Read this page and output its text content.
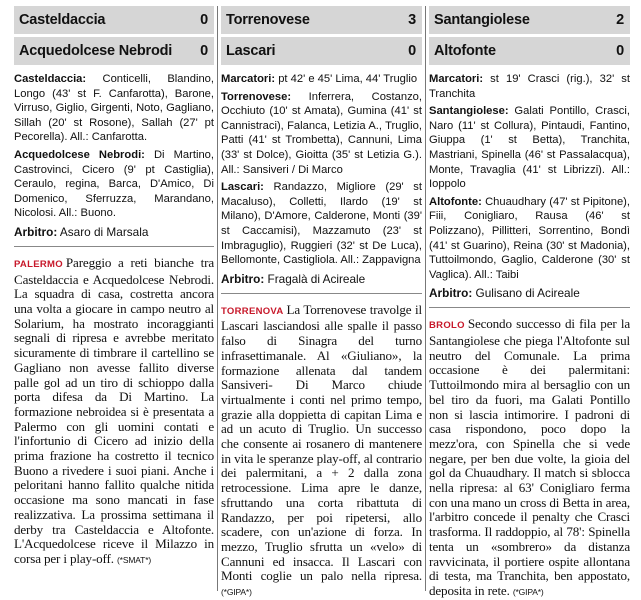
Casteldaccia	0
Acquedolcese Nebrodi 0

Casteldaccia: Conticelli, Blandino, Longo (43' st F. Canfarotta), Barone, Virruso, Giglio, Girgenti, Noto, Gagliano, Sillah (20' st Rosone), Sallah (27' pt Pecorella). All.: Canfarotta.

Acquedolcese Nebrodi: Di Martino, Castrovinci, Cicero (9' pt Castiglia), Ceraulo, regina, Barca, D'Amico, Di Domenico, Sferruzza, Marandano, Nicolosi. All.: Buono.

Arbitro: Asaro di Marsala

PALERMO Pareggio a reti bianche tra Casteldaccia e Acquedolcese Nebrodi. La squadra di casa, costretta ancora una volta a giocare in campo neutro al Solarium, ha mostrato incoraggianti segnali di ripresa e avrebbe meritato sicuramente di timbrare il cartellino se Gagliano non avesse fallito diverse palle gol ad un tiro di schioppo dalla porta difesa da Di Martino. La formazione nebroidea si è presentata a Palermo con gli uomini contati e l'infortunio di Cicero ad inizio della prima frazione ha costretto il tecnico Buono a rivedere i suoi piani. Anche i peloritani hanno fallito qualche nitida occasione ma sono mancati in fase realizzativa. La prossima settimana il derby tra Casteldaccia e Altofonte. L'Acquedolcese riceve il Milazzo in corsa per i play-off. (*SMAT*)
Torrenovese	3
Lascari	0

Marcatori: pt 42' e 45' Lima, 44' Truglio

Torrenovese: Inferrera, Costanzo, Occhiuto (10' st Amata), Gumina (41' st Cannistraci), Falanca, Letizia A., Truglio, Patti (41' st Trombetta), Cannuni, Lima (33' st Dolce), Gioitta (35' st Letizia G.). All.: Sansiveri / Di Marco

Lascari: Randazzo, Migliore (29' st Macaluso), Colletti, Ilardo (19' st Milano), D'Amore, Calderone, Monti (39' st Caccamisi), Mazzamuto (23' st Imbraguglio), Ruggieri (32' st De Luca), Bellomonte, Castigliola. All.: Zappavigna

Arbitro: Fragalà di Acireale

TORRENOVA La Torrenovese travolge il Lascari lasciandosi alle spalle il passo falso di Sinagra del turno infrasettimanale. Al «Giuliano», la formazione allenata dal tandem Sansiveri- Di Marco chiude virtualmente i conti nel primo tempo, grazie alla doppietta di capitan Lima e ad un acuto di Truglio. Un successo che consente ai rosanero di mantenere in vita le speranze play-off, al contrario dei palermitani, a + 2 dalla zona retrocessione. Lima apre le danze, sfruttando una corta ribattuta di Randazzo, per poi ripetersi, allo scadere, con un'azione di forza. In mezzo, Truglio sfrutta un «velo» di Cannuni ed insacca. Il Lascari con Monti coglie un palo nella ripresa. (*GIPA*)
Santangiolese	2
Altofonte	0

Marcatori: st 19' Crasci (rig.), 32' st Tranchita

Santangiolese: Galati Pontillo, Crasci, Naro (11' st Collura), Pintaudi, Fantino, Giuppa (1' st Betta), Tranchita, Mastriani, Spinella (46' st Passalacqua), Monte, Travaglia (41' st Librizzi). All.: Ioppolo

Altofonte: Chuaudhary (47' st Pipitone), Fiii, Conigliaro, Rausa (46' st Polizzano), Pillitteri, Sorrentino, Bondì (41' st Guarino), Reina (30' st Madonia), Tuttoilmondo, Gaglio, Calderone (30' st Vaglica). All.: Taibi

Arbitro: Gulisano di Acireale

BROLO Secondo successo di fila per la Santangiolese che piega l'Altofonte sul neutro del Comunale. La prima occasione è dei palermitani: Tuttoilmondo mira al bersaglio con un bel tiro da fuori, ma Galati Pontillo non si lascia intimorire. I padroni di casa rispondono, poco dopo la mezz'ora, con Spinella che si vede negare, per ben due volte, la gioia del gol da Chuaudhary. Il match si sblocca nella ripresa: al 63' Conigliaro ferma con una mano un cross di Betta in area, l'arbitro concede il penalty che Crasci trasforma. Il raddoppio, al 78': Spinella tenta un «sombrero» da distanza ravvicinata, il portiere ospite allontana di testa, ma Tranchita, ben appostato, deposita in rete. (*GIPA*)
